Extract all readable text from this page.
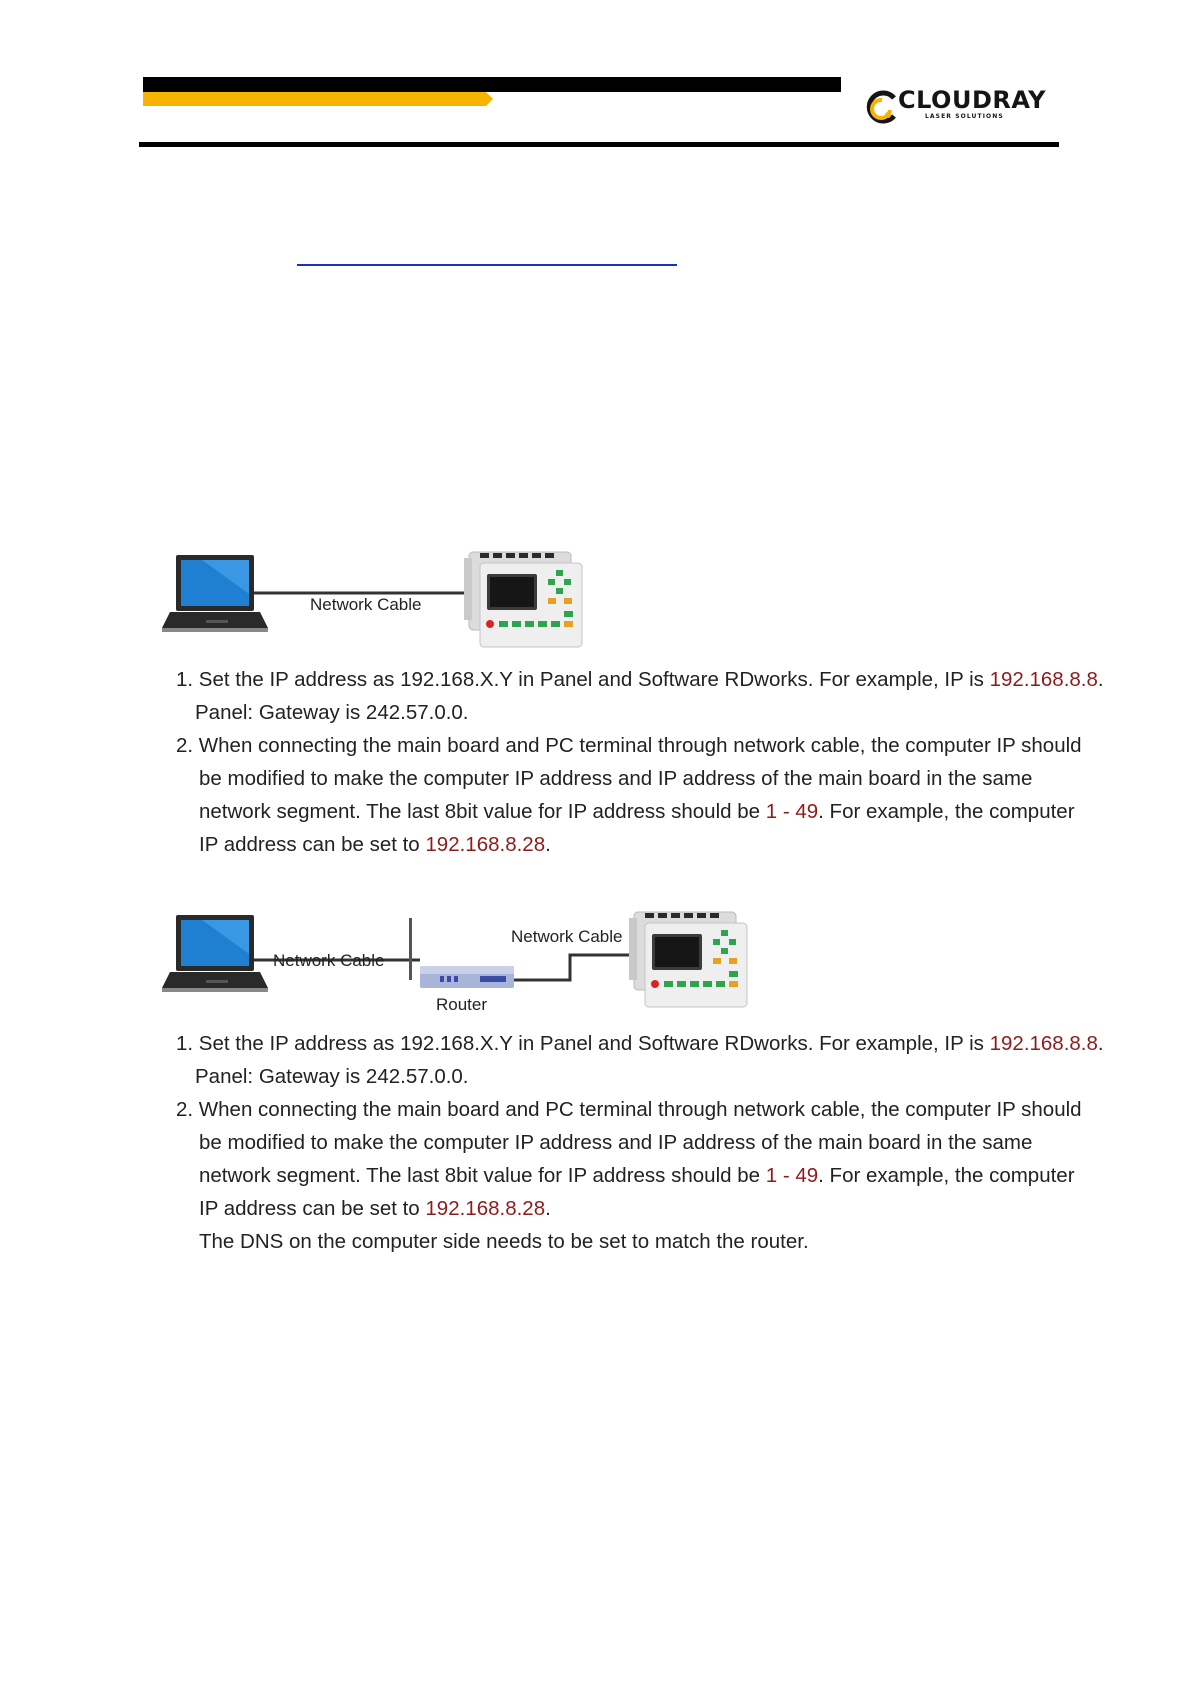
CLOUDRAY
LASER SOLUTIONS
Network Cable
1. Set the IP address as 192.168.X.Y in Panel and Software RDworks. For example, IP is 192.168.8.8.
Panel: Gateway is 242.57.0.0.
2. When connecting the main board and PC terminal through network cable, the computer IP should
be modified to make the computer IP address and IP address of the main board in the same
network segment. The last 8bit value for IP address should be 1 - 49. For example, the computer
IP address can be set to 192.168.8.28.
Network Cable
Network Cable
Router
1. Set the IP address as 192.168.X.Y in Panel and Software RDworks. For example, IP is 192.168.8.8.
Panel: Gateway is 242.57.0.0.
2. When connecting the main board and PC terminal through network cable, the computer IP should
be modified to make the computer IP address and IP address of the main board in the same
network segment. The last 8bit value for IP address should be 1 - 49. For example, the computer
IP address can be set to 192.168.8.28.
The DNS on the computer side needs to be set to match the router.
